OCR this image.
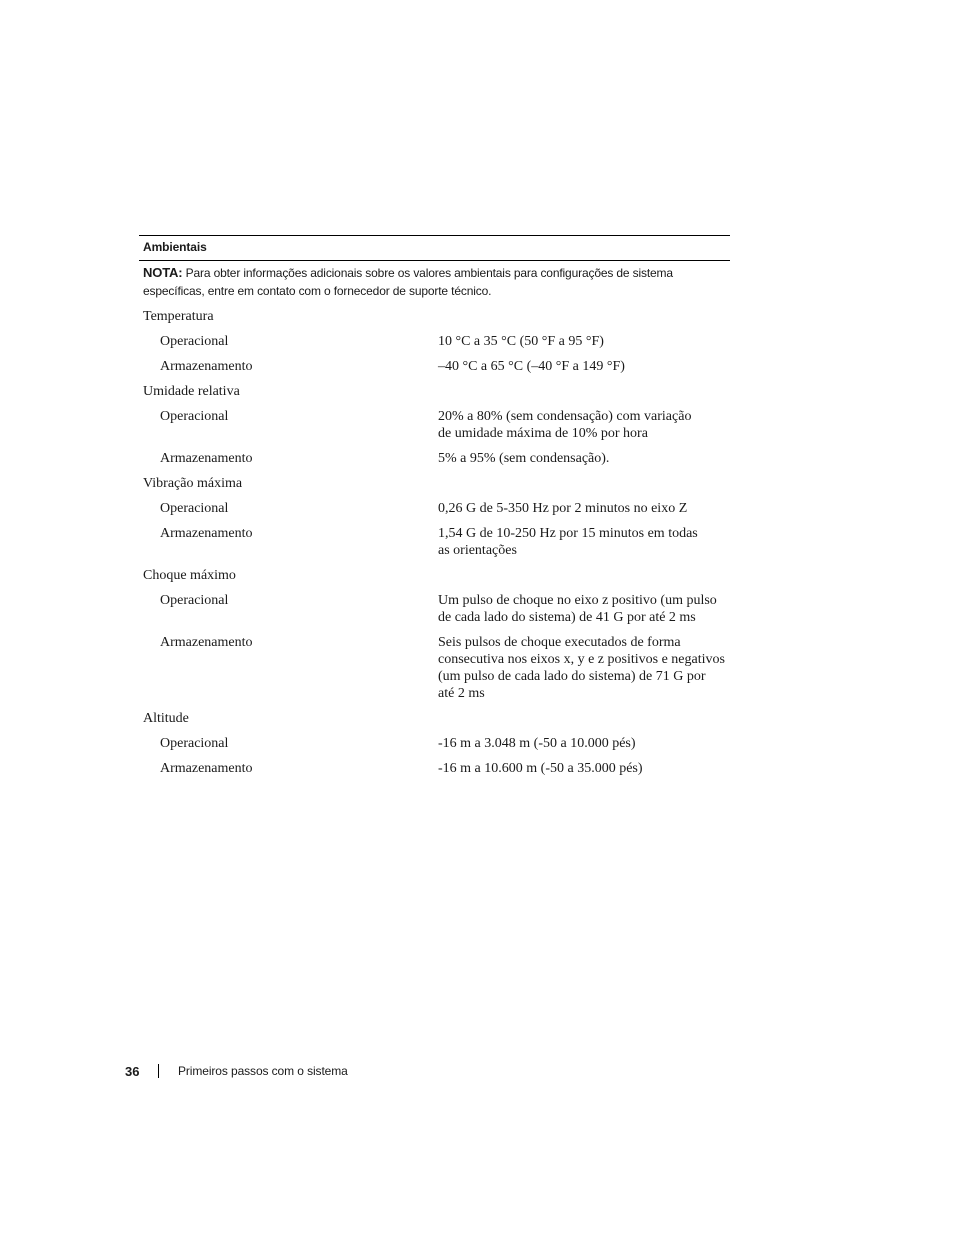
Ambientais
NOTA: Para obter informações adicionais sobre os valores ambientais para configurações de sistema específicas, entre em contato com o fornecedor de suporte técnico.
Temperatura
Operacional	10 °C a 35 °C (50 °F a 95 °F)
Armazenamento	–40 °C a 65 °C (–40 °F a 149 °F)
Umidade relativa
Operacional	20% a 80% (sem condensação) com variação
de umidade máxima de 10% por hora
Armazenamento	5% a 95% (sem condensação).
Vibração máxima
Operacional	0,26 G de 5-350 Hz por 2 minutos no eixo Z
Armazenamento	1,54 G de 10-250 Hz por 15 minutos em todas
as orientações
Choque máximo
Operacional	Um pulso de choque no eixo z positivo (um pulso
de cada lado do sistema) de 41 G por até 2 ms
Armazenamento	Seis pulsos de choque executados de forma
consecutiva nos eixos x, y e z positivos e negativos
(um pulso de cada lado do sistema) de 71 G por
até 2 ms
Altitude
Operacional	-16 m a 3.048 m (-50 a 10.000 pés)
Armazenamento	-16 m a 10.600 m (-50 a 35.000 pés)
36	Primeiros passos com o sistema
